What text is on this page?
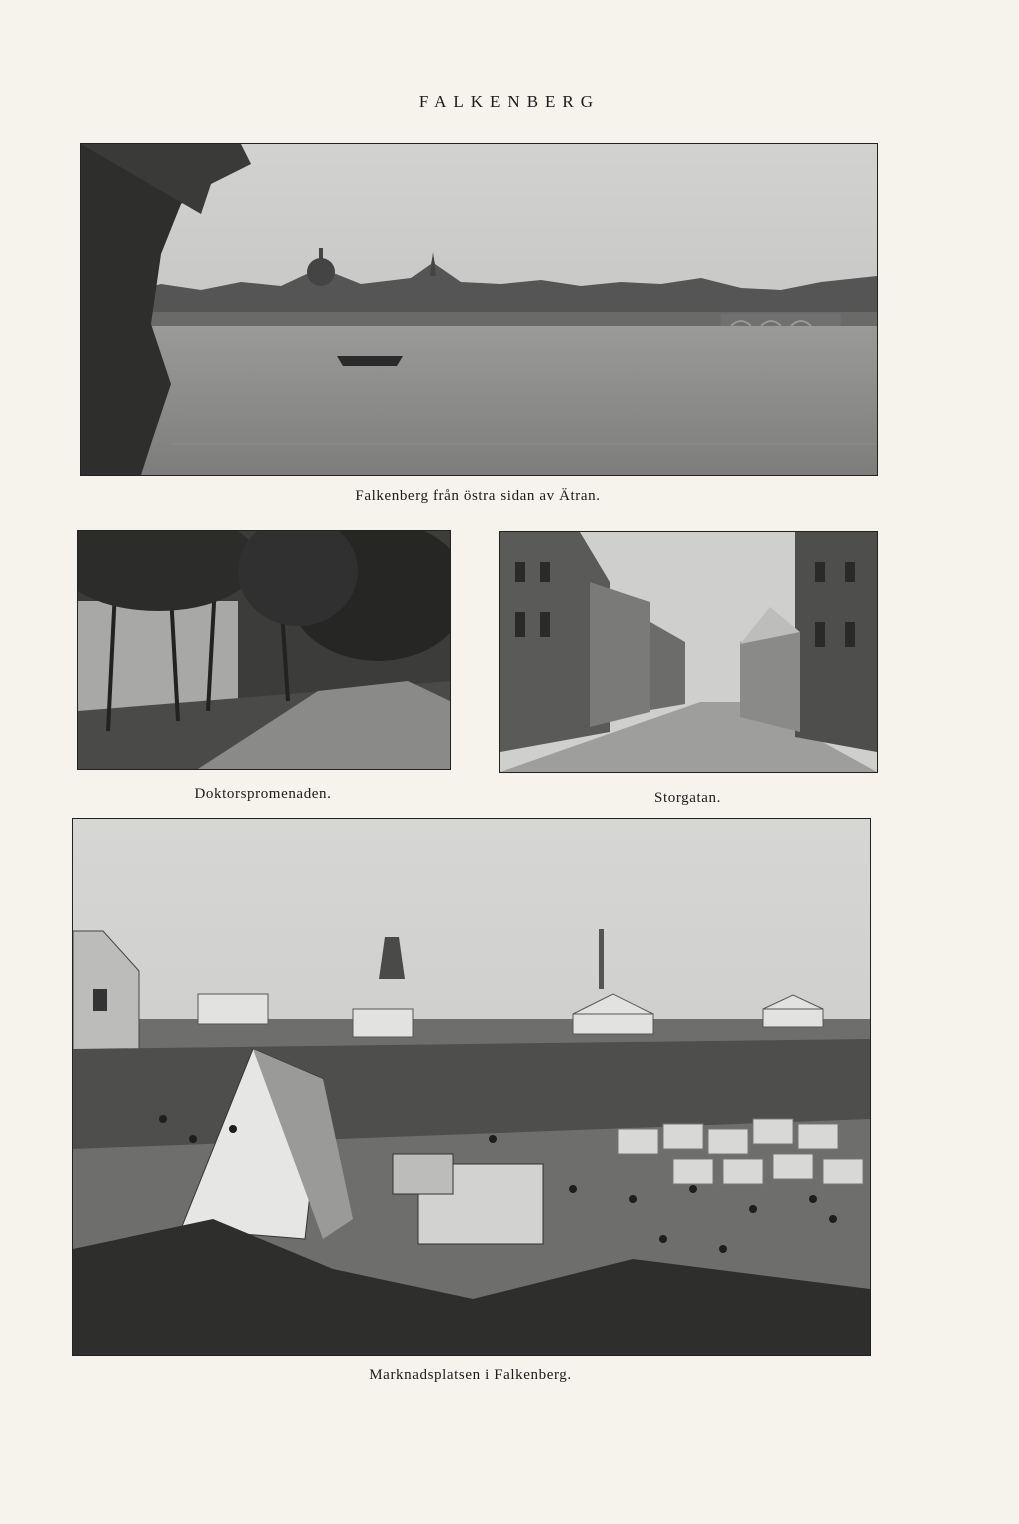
FALKENBERG
Falkenberg från östra sidan av Ätran.
Doktorspromenaden.	Storgatan.
Marknadsplatsen i Falkenberg.
